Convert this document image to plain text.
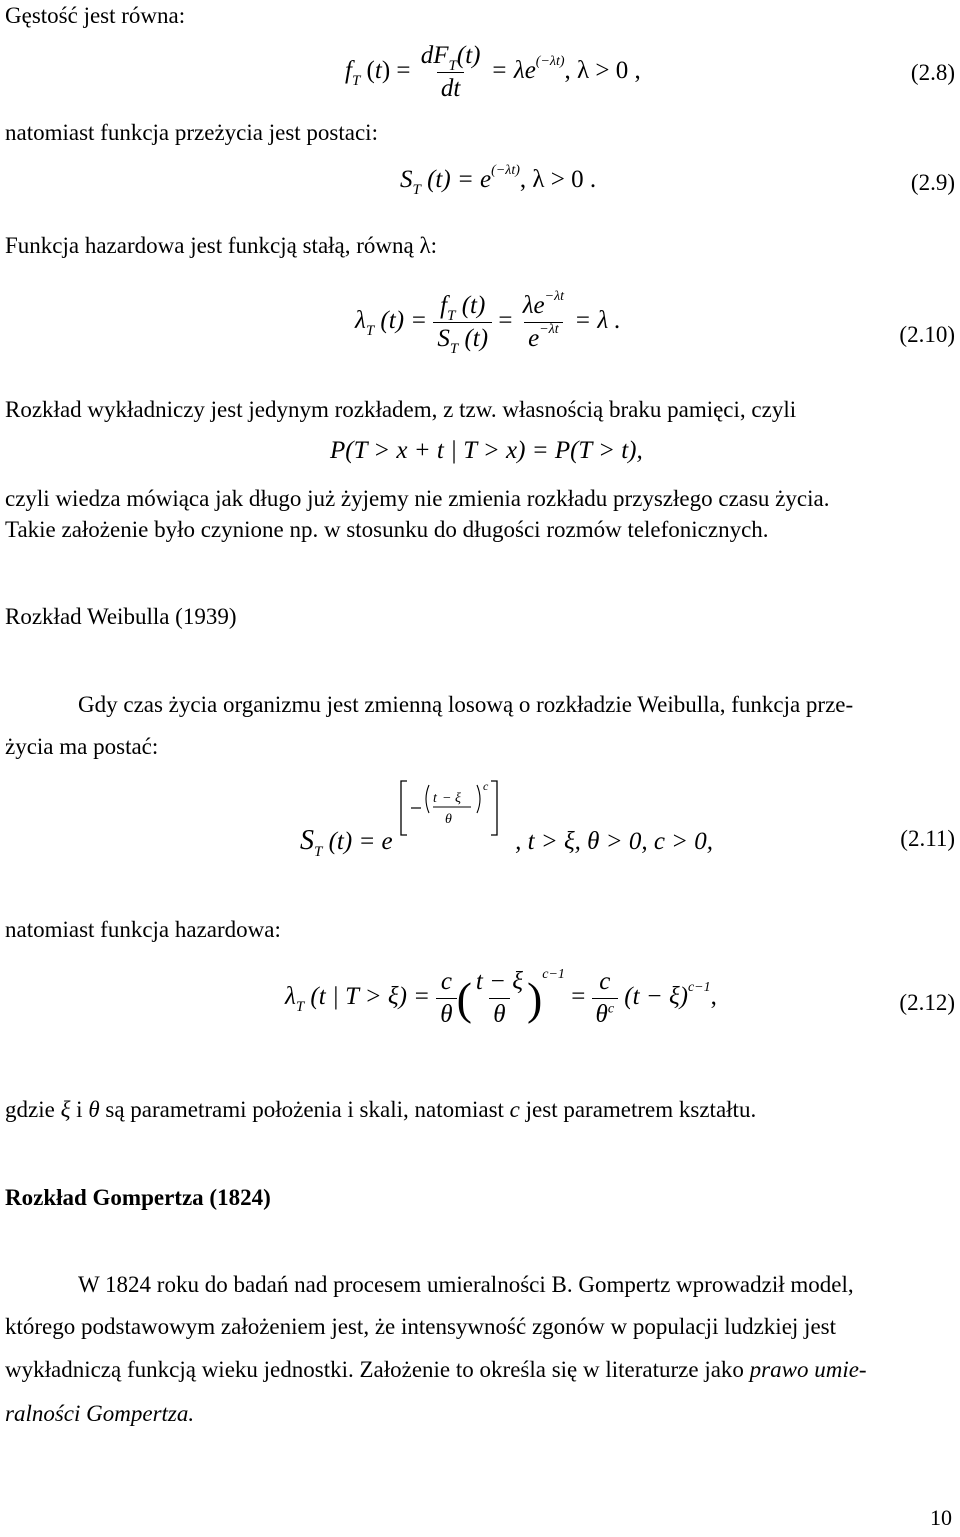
Gęstość jest równa:
$f_T$ $(t) = \frac{dF_T(t)}{dt} = \lambda e^{(-\lambda t)}$, λ > 0 ,	(2.8)
natomiast funkcja przeżycia jest postaci:
$S_T$ $(t) = e^{(-\lambda t)}$, λ > 0 .	(2.9)
Funkcja hazardowa jest funkcją stałą, równą λ:
$\lambda_T$ $(t) = \frac{f_T (t)}{S_T (t)} = \frac{\lambda e^{-\lambda t}}{e^{-\lambda t}} = \lambda$ .
(2.10)
Rozkład wykładniczy jest jedynym rozkładem, z tzw. własnością braku pamięci, czyli
P(T > x + t | T > x) = P(T > t),
czyli wiedza mówiąca jak długo już żyjemy nie zmienia rozkładu przyszłego czasu życia.
Takie założenie było czynione np. w stosunku do długości rozmów telefonicznych.
Rozkład Weibulla (1939)
Gdy czas życia organizmu jest zmienną losową o rozkładzie Weibulla, funkcja prze-
życia ma postać:
$S_T$ (t) = e
t − ξ
θ
c
, t > ξ, θ > 0, c > 0,	(2.11)
natomiast funkcja hazardowa:
$\lambda_T$ (t | $T > \xi) = \frac{c}{\theta}$ ( $\frac{t - \xi}{\theta} )^{c-1} = \frac{c}{\theta^c} (t - \xi)^{c-1}$,	(2.12)
gdzie ξ i θ są parametrami położenia i skali, natomiast c jest parametrem kształtu.
Rozkład Gompertza (1824)
W 1824 roku do badań nad procesem umieralności B. Gompertz wprowadził model,
którego podstawowym założeniem jest, że intensywność zgonów w populacji ludzkiej jest
wykładniczą funkcją wieku jednostki. Założenie to określa się w literaturze jako prawo umie-
ralności Gompertza.
10
